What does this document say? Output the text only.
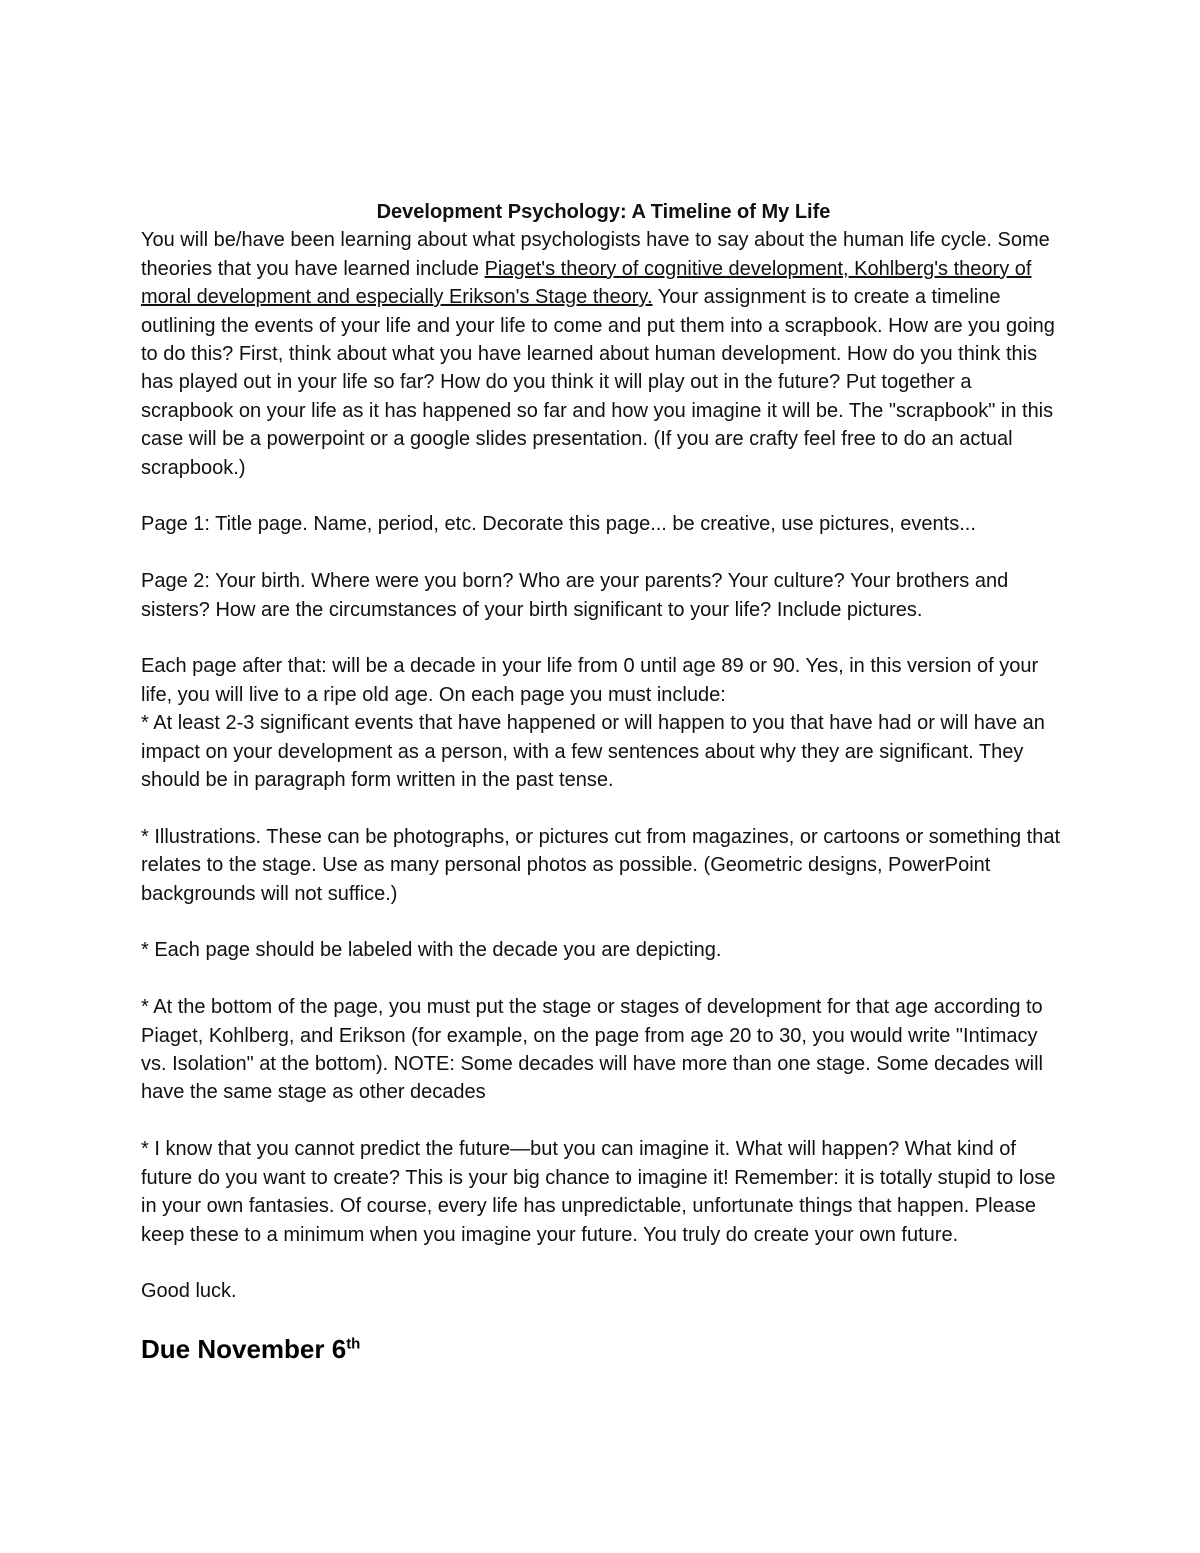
Development Psychology: A Timeline of My Life

You will be/have been learning about what psychologists have to say about the human life cycle. Some theories that you have learned include Piaget's theory of cognitive development, Kohlberg's theory of moral development and especially Erikson's Stage theory. Your assignment is to create a timeline outlining the events of your life and your life to come and put them into a scrapbook. How are you going to do this? First, think about what you have learned about human development. How do you think this has played out in your life so far? How do you think it will play out in the future? Put together a scrapbook on your life as it has happened so far and how you imagine it will be. The "scrapbook" in this case will be a powerpoint or a google slides presentation. (If you are crafty feel free to do an actual scrapbook.)

Page 1: Title page. Name, period, etc. Decorate this page... be creative, use pictures, events...

Page 2: Your birth. Where were you born? Who are your parents? Your culture? Your brothers and sisters? How are the circumstances of your birth significant to your life? Include pictures.

Each page after that: will be a decade in your life from 0 until age 89 or 90. Yes, in this version of your life, you will live to a ripe old age. On each page you must include:

* At least 2-3 significant events that have happened or will happen to you that have had or will have an impact on your development as a person, with a few sentences about why they are significant. They should be in paragraph form written in the past tense.

* Illustrations. These can be photographs, or pictures cut from magazines, or cartoons or something that relates to the stage. Use as many personal photos as possible. (Geometric designs, PowerPoint backgrounds will not suffice.)

* Each page should be labeled with the decade you are depicting.

* At the bottom of the page, you must put the stage or stages of development for that age according to Piaget, Kohlberg, and Erikson (for example, on the page from age 20 to 30, you would write "Intimacy vs. Isolation" at the bottom). NOTE: Some decades will have more than one stage. Some decades will have the same stage as other decades

* I know that you cannot predict the future—but you can imagine it. What will happen? What kind of future do you want to create? This is your big chance to imagine it! Remember: it is totally stupid to lose in your own fantasies. Of course, every life has unpredictable, unfortunate things that happen. Please keep these to a minimum when you imagine your future. You truly do create your own future.

Good luck.

Due November 6th
